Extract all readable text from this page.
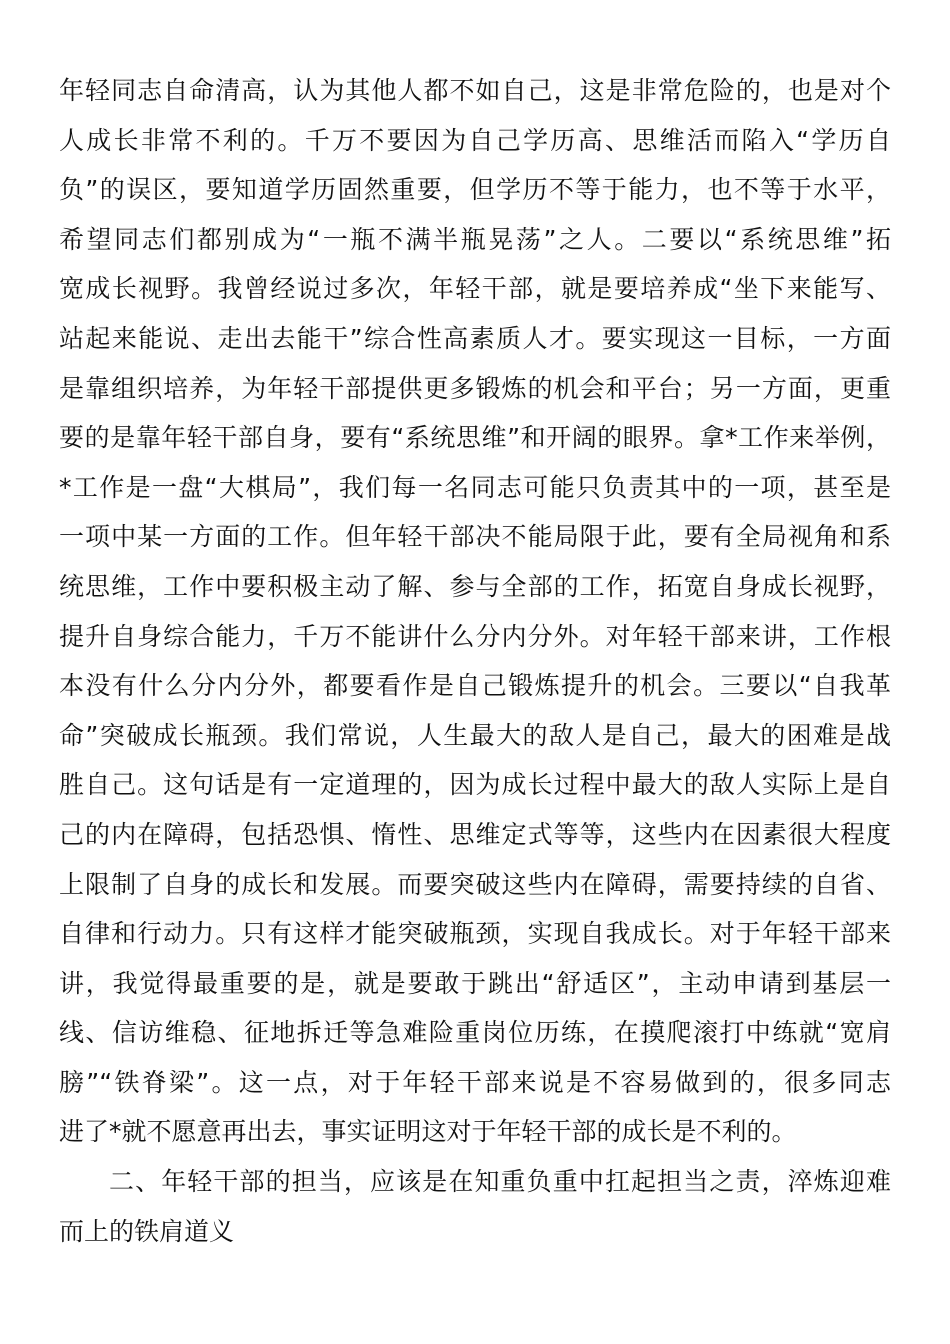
年轻同志自命清高，认为其他人都不如自己，这是非常危险的，也是对个
人成长非常不利的。千万不要因为自己学历高、思维活而陷入“学历自
负”的误区，要知道学历固然重要，但学历不等于能力，也不等于水平，
希望同志们都别成为“一瓶不满半瓶晃荡”之人。二要以“系统思维”拓
宽成长视野。我曾经说过多次，年轻干部，就是要培养成“坐下来能写、
站起来能说、走出去能干”综合性高素质人才。要实现这一目标，一方面
是靠组织培养，为年轻干部提供更多锻炼的机会和平台；另一方面，更重
要的是靠年轻干部自身，要有“系统思维”和开阔的眼界。拿*工作来举例，
*工作是一盘“大棋局”，我们每一名同志可能只负责其中的一项，甚至是
一项中某一方面的工作。但年轻干部决不能局限于此，要有全局视角和系
统思维，工作中要积极主动了解、参与全部的工作，拓宽自身成长视野，
提升自身综合能力，千万不能讲什么分内分外。对年轻干部来讲，工作根
本没有什么分内分外，都要看作是自己锻炼提升的机会。三要以“自我革
命”突破成长瓶颈。我们常说，人生最大的敌人是自己，最大的困难是战
胜自己。这句话是有一定道理的，因为成长过程中最大的敌人实际上是自
己的内在障碍，包括恐惧、惰性、思维定式等等，这些内在因素很大程度
上限制了自身的成长和发展。而要突破这些内在障碍，需要持续的自省、
自律和行动力。只有这样才能突破瓶颈，实现自我成长。对于年轻干部来
讲，我觉得最重要的是，就是要敢于跳出“舒适区”，主动申请到基层一
线、信访维稳、征地拆迁等急难险重岗位历练，在摸爬滚打中练就“宽肩
膀”“铁脊梁”。这一点，对于年轻干部来说是不容易做到的，很多同志
进了*就不愿意再出去，事实证明这对于年轻干部的成长是不利的。
二、年轻干部的担当，应该是在知重负重中扛起担当之责，淬炼迎难
而上的铁肩道义
